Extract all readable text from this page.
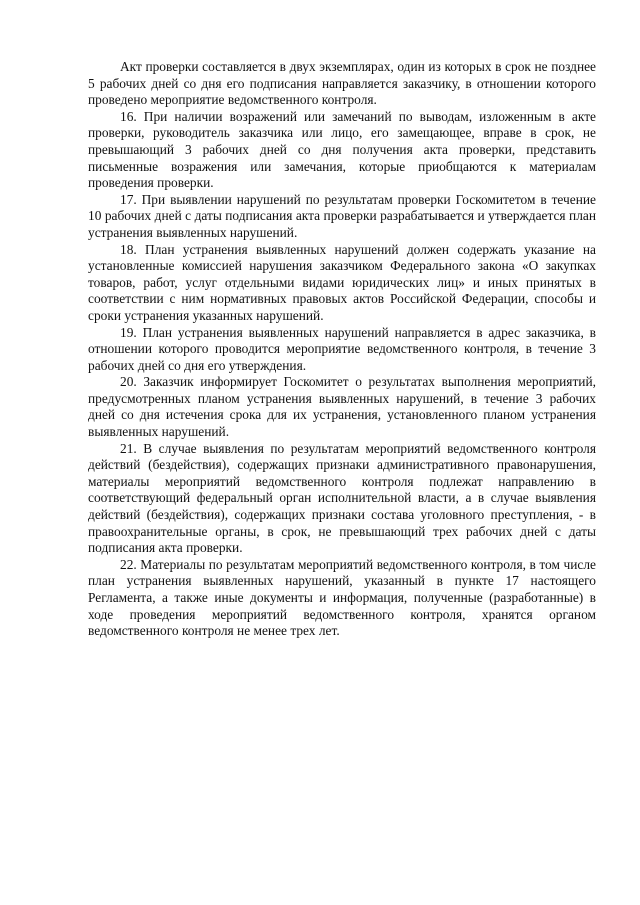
Акт проверки составляется в двух экземплярах, один из которых в срок не позднее 5 рабочих дней со дня его подписания направляется заказчику, в отношении которого проведено мероприятие ведомственного контроля.

16. При наличии возражений или замечаний по выводам, изложенным в акте проверки, руководитель заказчика или лицо, его замещающее, вправе в срок, не превышающий 3 рабочих дней со дня получения акта проверки, представить письменные возражения или замечания, которые приобщаются к материалам проведения проверки.

17. При выявлении нарушений по результатам проверки Госкомитетом в течение 10 рабочих дней с даты подписания акта проверки разрабатывается и утверждается план устранения выявленных нарушений.

18. План устранения выявленных нарушений должен содержать указание на установленные комиссией нарушения заказчиком Федерального закона «О закупках товаров, работ, услуг отдельными видами юридических лиц» и иных принятых в соответствии с ним нормативных правовых актов Российской Федерации, способы и сроки устранения указанных нарушений.

19. План устранения выявленных нарушений направляется в адрес заказчика, в отношении которого проводится мероприятие ведомственного контроля, в течение 3 рабочих дней со дня его утверждения.

20. Заказчик информирует Госкомитет о результатах выполнения мероприятий, предусмотренных планом устранения выявленных нарушений, в течение 3 рабочих дней со дня истечения срока для их устранения, установленного планом устранения выявленных нарушений.

21. В случае выявления по результатам мероприятий ведомственного контроля действий (бездействия), содержащих признаки административного правонарушения, материалы мероприятий ведомственного контроля подлежат направлению в соответствующий федеральный орган исполнительной власти, а в случае выявления действий (бездействия), содержащих признаки состава уголовного преступления, - в правоохранительные органы, в срок, не превышающий трех рабочих дней с даты подписания акта проверки.

22. Материалы по результатам мероприятий ведомственного контроля, в том числе план устранения выявленных нарушений, указанный в пункте 17 настоящего Регламента, а также иные документы и информация, полученные (разработанные) в ходе проведения мероприятий ведомственного контроля, хранятся органом ведомственного контроля не менее трех лет.
